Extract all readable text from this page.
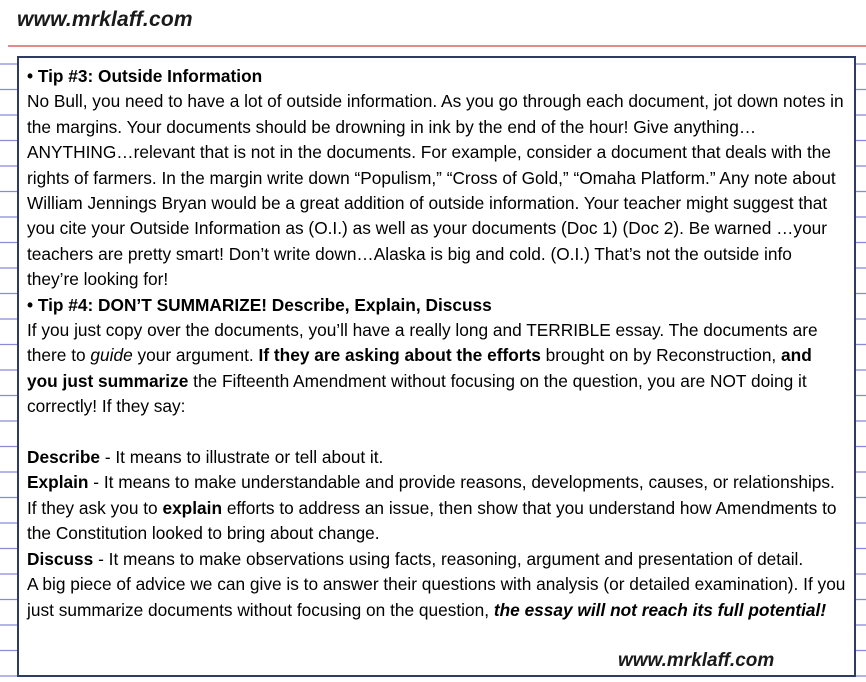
www.mrklaff.com

• Tip #3: Outside Information

No Bull, you need to have a lot of outside information. As you go through each document, jot down notes in the margins. Your documents should be drowning in ink by the end of the hour! Give anything…ANYTHING…relevant that is not in the documents. For example, consider a document that deals with the rights of farmers. In the margin write down “Populism,” “Cross of Gold,” “Omaha Platform.” Any note about William Jennings Bryan would be a great addition of outside information. Your teacher might suggest that you cite your Outside Information as (O.I.) as well as your documents (Doc 1) (Doc 2). Be warned …your teachers are pretty smart! Don’t write down…Alaska is big and cold. (O.I.) That’s not the outside info they’re looking for!

• Tip #4: DON’T SUMMARIZE! Describe, Explain, Discuss

If you just copy over the documents, you’ll have a really long and TERRIBLE essay. The documents are there to guide your argument. If they are asking about the efforts brought on by Reconstruction, and you just summarize the Fifteenth Amendment without focusing on the question, you are NOT doing it correctly! If they say:

Describe - It means to illustrate or tell about it.

Explain - It means to make understandable and provide reasons, developments, causes, or relationships. If they ask you to explain efforts to address an issue, then show that you understand how Amendments to the Constitution looked to bring about change.

Discuss - It means to make observations using facts, reasoning, argument and presentation of detail.

A big piece of advice we can give is to answer their questions with analysis (or detailed examination). If you just summarize documents without focusing on the question, the essay will not reach its full potential!

www.mrklaff.com
